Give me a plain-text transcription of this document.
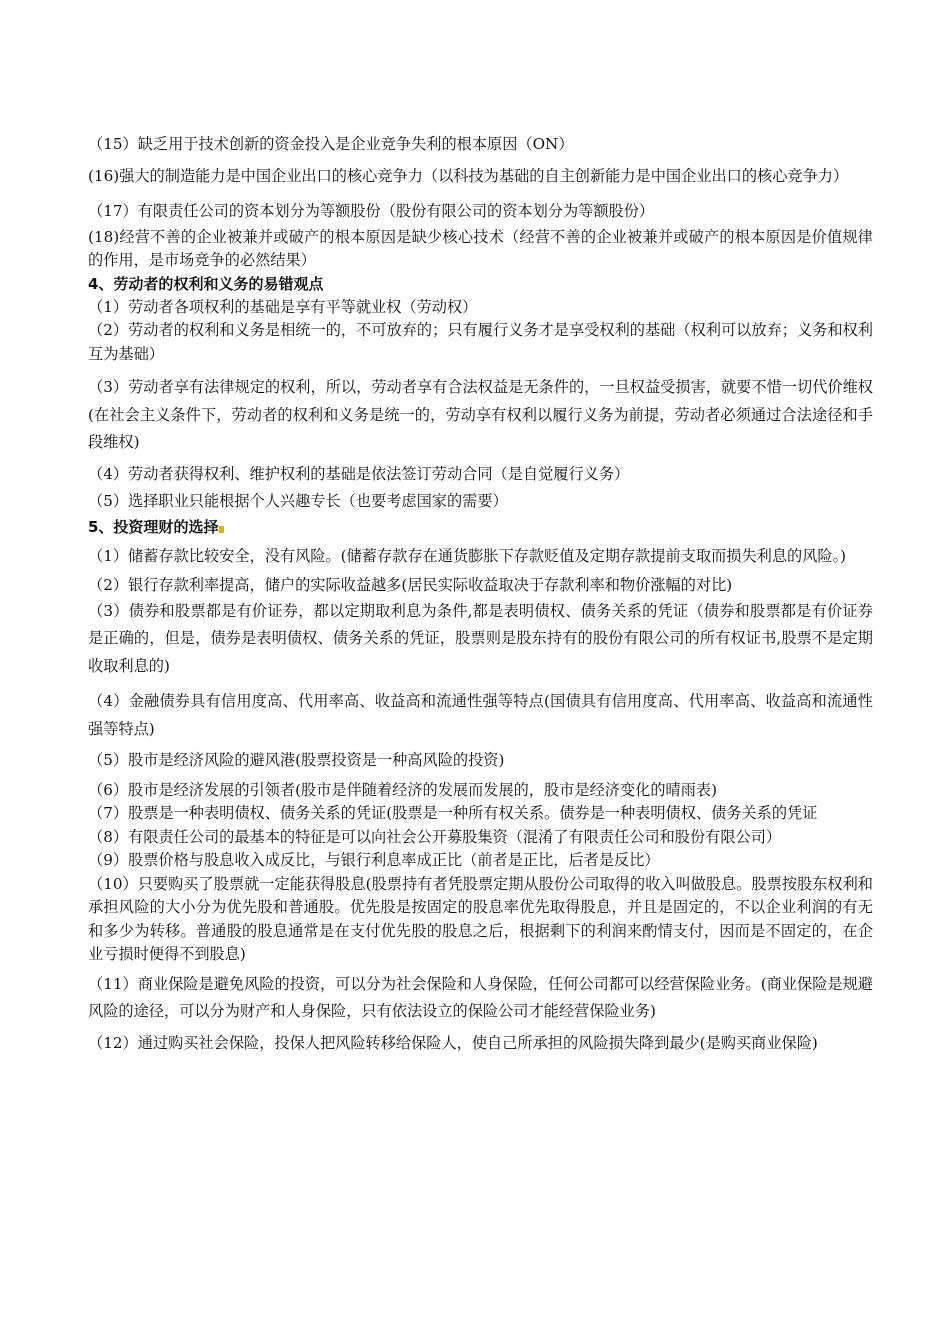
（15）缺乏用于技术创新的资金投入是企业竞争失利的根本原因（ON）

(16)强大的制造能力是中国企业出口的核心竞争力（以科技为基础的自主创新能力是中国企业出口的核心竞争力）

（17）有限责任公司的资本划分为等额股份（股份有限公司的资本划分为等额股份）

(18)经营不善的企业被兼并或破产的根本原因是缺少核心技术（经营不善的企业被兼并或破产的根本原因是价值规律的作用，是市场竞争的必然结果）

4、劳动者的权利和义务的易错观点

（1）劳动者各项权利的基础是享有平等就业权（劳动权）

（2）劳动者的权利和义务是相统一的，不可放弃的；只有履行义务才是享受权利的基础（权利可以放弃；义务和权利互为基础）

（3）劳动者享有法律规定的权利，所以，劳动者享有合法权益是无条件的，一旦权益受损害，就要不惜一切代价维权(在社会主义条件下，劳动者的权利和义务是统一的，劳动享有权利以履行义务为前提，劳动者必须通过合法途径和手段维权)

（4）劳动者获得权利、维护权利的基础是依法签订劳动合同（是自觉履行义务）

（5）选择职业只能根据个人兴趣专长（也要考虑国家的需要）

5、投资理财的选择

（1）储蓄存款比较安全，没有风险。(储蓄存款存在通货膨胀下存款贬值及定期存款提前支取而损失利息的风险。)

（2）银行存款利率提高，储户的实际收益越多(居民实际收益取决于存款利率和物价涨幅的对比)

（3）债券和股票都是有价证券，都以定期取利息为条件,都是表明债权、债务关系的凭证（债券和股票都是有价证券是正确的，但是，债券是表明债权、债务关系的凭证，股票则是股东持有的股份有限公司的所有权证书,股票不是定期收取利息的)

（4）金融债券具有信用度高、代用率高、收益高和流通性强等特点(国债具有信用度高、代用率高、收益高和流通性强等特点)

（5）股市是经济风险的避风港(股票投资是一种高风险的投资)

（6）股市是经济发展的引领者(股市是伴随着经济的发展而发展的，股市是经济变化的晴雨表)

（7）股票是一种表明债权、债务关系的凭证(股票是一种所有权关系。债券是一种表明债权、债务关系的凭证

（8）有限责任公司的最基本的特征是可以向社会公开募股集资（混淆了有限责任公司和股份有限公司）

（9）股票价格与股息收入成反比，与银行利息率成正比（前者是正比，后者是反比）

（10）只要购买了股票就一定能获得股息(股票持有者凭股票定期从股份公司取得的收入叫做股息。股票按股东权利和承担风险的大小分为优先股和普通股。优先股是按固定的股息率优先取得股息，并且是固定的，不以企业利润的有无和多少为转移。普通股的股息通常是在支付优先股的股息之后，根据剩下的利润来酌情支付，因而是不固定的，在企业亏损时便得不到股息)

（11）商业保险是避免风险的投资，可以分为社会保险和人身保险，任何公司都可以经营保险业务。(商业保险是规避风险的途径，可以分为财产和人身保险，只有依法设立的保险公司才能经营保险业务)

（12）通过购买社会保险，投保人把风险转移给保险人，使自己所承担的风险损失降到最少(是购买商业保险)
